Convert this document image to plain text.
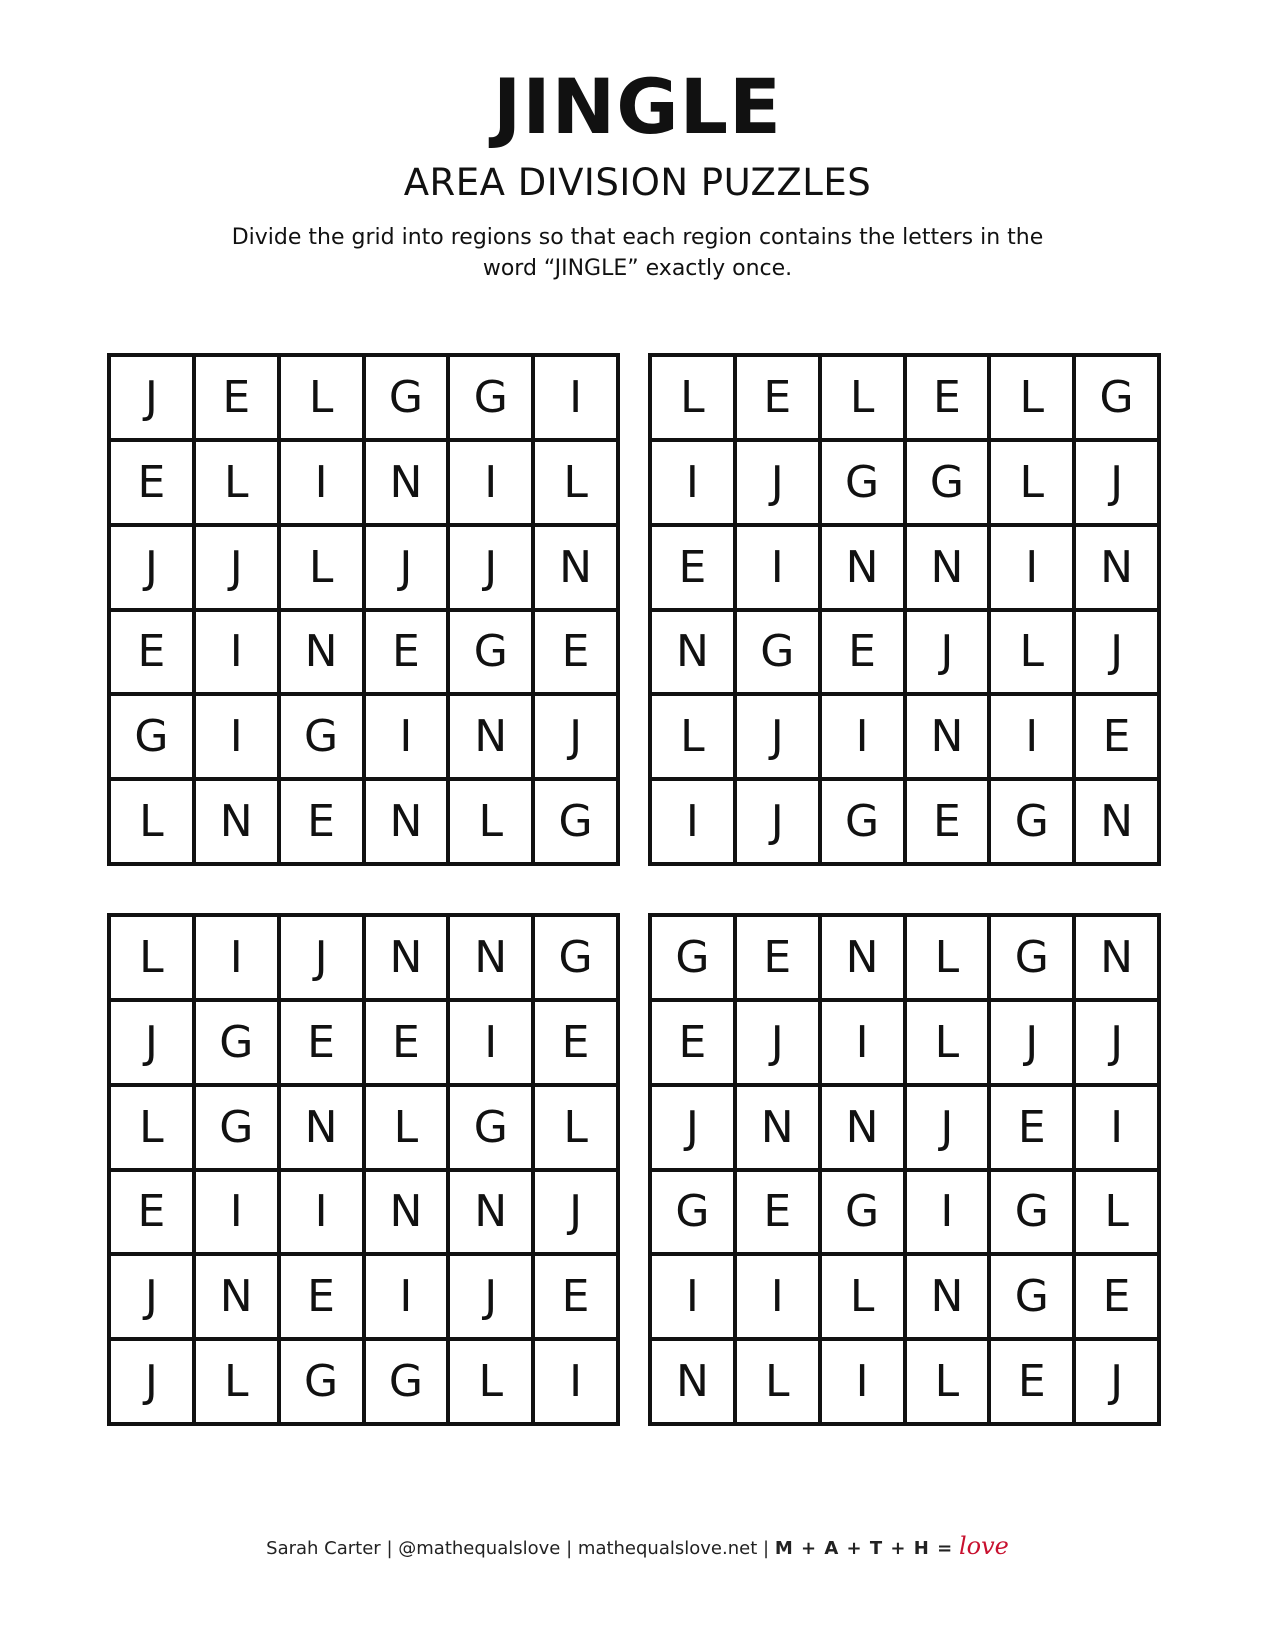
JINGLE
AREA DIVISION PUZZLES
Divide the grid into regions so that each region contains the letters in the
word “JINGLE” exactly once.
J	E	L	G	G	I
E	L	I	N	I	L
J	J	L	J	J	N
E	I	N	E	G	E
G	I	G	I	N	J
L	N	E	N	L	G
L	E	L	E	L	G
I	J	G	G	L	J
E	I	N	N	I	N
N	G	E	J	L	J
L	J	I	N	I	E
I	J	G	E	G	N
L	I	J	N	N	G
J	G	E	E	I	E
L	G	N	L	G	L
E	I	I	N	N	J
J	N	E	I	J	E
J	L	G	G	L	I
G	E	N	L	G	N
E	J	I	L	J	J
J	N	N	J	E	I
G	E	G	I	G	L
I	I	L	N	G	E
N	L	I	L	E	J
Sarah Carter | @mathequalslove | mathequalslove.net | M + A + T + H = love
